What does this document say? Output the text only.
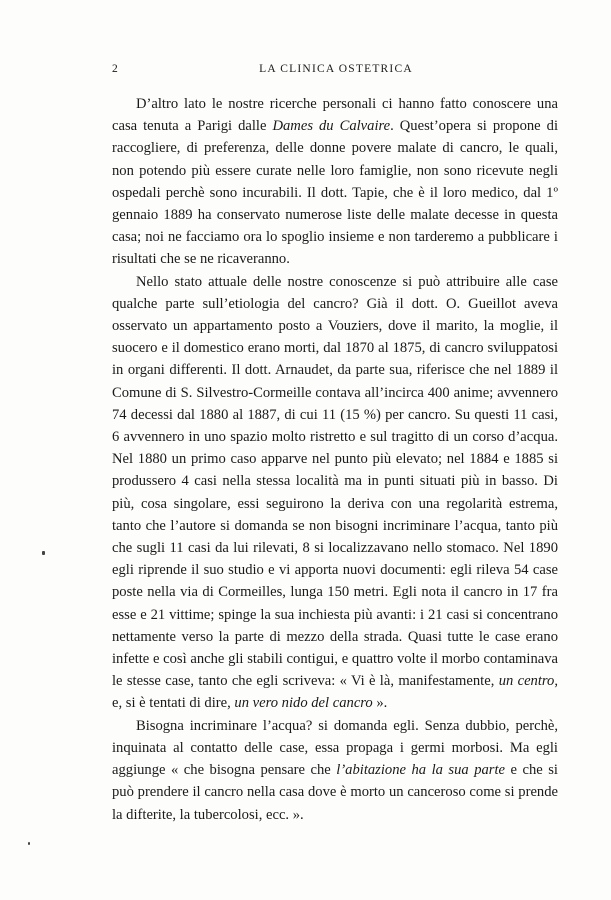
2	LA CLINICA OSTETRICA

D’altro lato le nostre ricerche personali ci hanno fatto conoscere una casa tenuta a Parigi dalle Dames du Calvaire. Quest’opera si propone di raccogliere, di preferenza, delle donne povere malate di cancro, le quali, non potendo più essere curate nelle loro famiglie, non sono ricevute negli ospedali perchè sono incurabili. Il dott. Tapie, che è il loro medico, dal 1º gennaio 1889 ha conservato numerose liste delle malate decesse in questa casa; noi ne facciamo ora lo spoglio insieme e non tarderemo a pubblicare i risultati che se ne ricaveranno.

Nello stato attuale delle nostre conoscenze si può attribuire alle case qualche parte sull’etiologia del cancro? Già il dott. O. Gueillot aveva osservato un appartamento posto a Vouziers, dove il marito, la moglie, il suocero e il domestico erano morti, dal 1870 al 1875, di cancro sviluppatosi in organi differenti. Il dott. Arnaudet, da parte sua, riferisce che nel 1889 il Comune di S. Silvestro-Cormeille contava all’incirca 400 anime; avvennero 74 decessi dal 1880 al 1887, di cui 11 (15 %) per cancro. Su questi 11 casi, 6 avvennero in uno spazio molto ristretto e sul tragitto di un corso d’acqua. Nel 1880 un primo caso apparve nel punto più elevato; nel 1884 e 1885 si produssero 4 casi nella stessa località ma in punti situati più in basso. Di più, cosa singolare, essi seguirono la deriva con una regolarità estrema, tanto che l’autore si domanda se non bisogni incriminare l’acqua, tanto più che sugli 11 casi da lui rilevati, 8 si localizzavano nello stomaco. Nel 1890 egli riprende il suo studio e vi apporta nuovi documenti: egli rileva 54 case poste nella via di Cormeilles, lunga 150 metri. Egli nota il cancro in 17 fra esse e 21 vittime; spinge la sua inchiesta più avanti: i 21 casi si concentrano nettamente verso la parte di mezzo della strada. Quasi tutte le case erano infette e così anche gli stabili contigui, e quattro volte il morbo contaminava le stesse case, tanto che egli scriveva: « Vi è là, manifestamente, un centro, e, si è tentati di dire, un vero nido del cancro ».

Bisogna incriminare l’acqua? si domanda egli. Senza dubbio, perchè, inquinata al contatto delle case, essa propaga i germi morbosi. Ma egli aggiunge « che bisogna pensare che l’abitazione ha la sua parte e che si può prendere il cancro nella casa dove è morto un canceroso come si prende la difterite, la tubercolosi, ecc. ».
